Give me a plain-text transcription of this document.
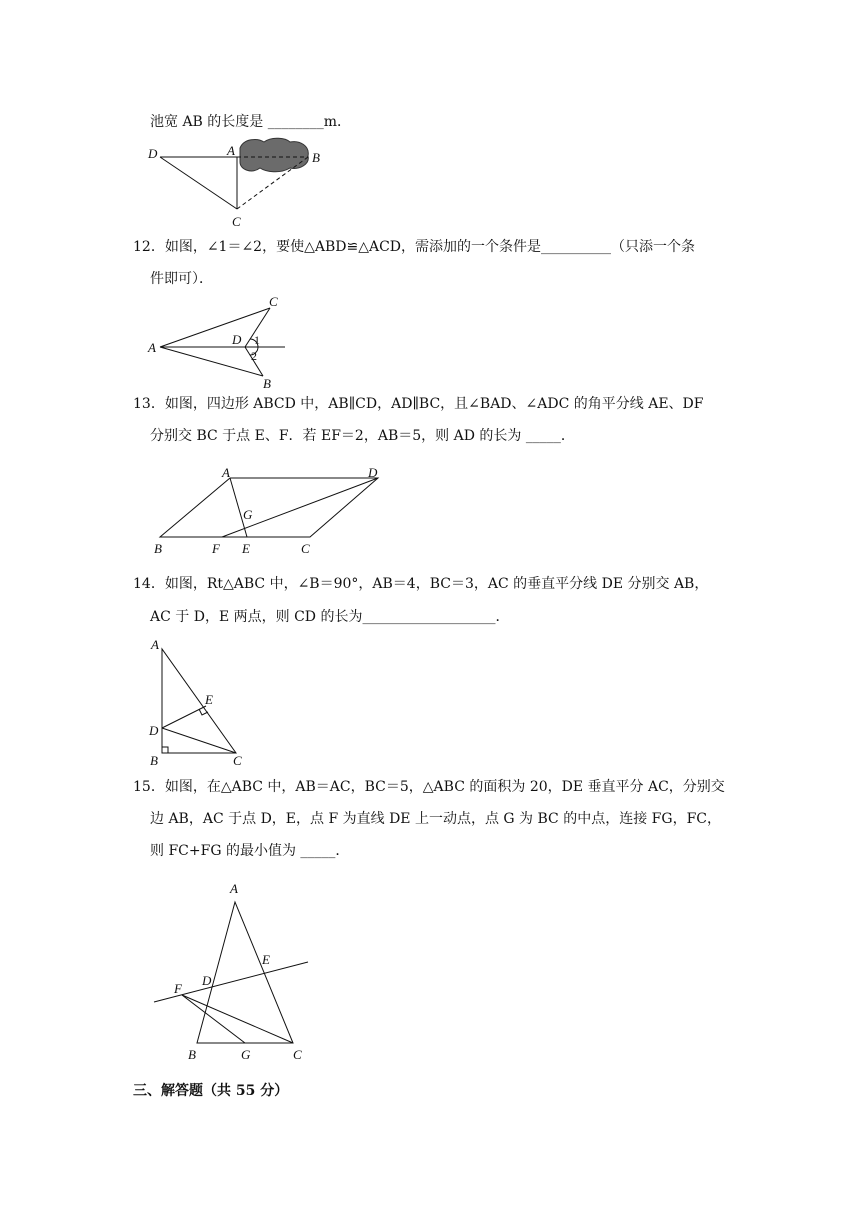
池宽 AB 的长度是 ________m．
D	A	B
C
12．如图，∠1＝∠2，要使△ABD≌△ACD，需添加的一个条件是__________（只添一个条
件即可）．
A
C
D 1
2
B
13．如图，四边形 ABCD 中，AB∥CD，AD∥BC，且∠BAD、∠ADC 的角平分线 AE、DF
分别交 BC 于点 E、F．若 EF＝2，AB＝5，则 AD 的长为 _____．
A	D
G
B	F E	C
14．如图，Rt△ABC 中，∠B＝90°，AB＝4，BC＝3，AC 的垂直平分线 DE 分别交 AB，
AC 于 D，E 两点，则 CD 的长为___________________．
A
E
D
B	C
15．如图，在△ABC 中，AB＝AC，BC＝5，△ABC 的面积为 20，DE 垂直平分 AC，分别交
边 AB，AC 于点 D，E，点 F 为直线 DE 上一动点，点 G 为 BC 的中点，连接 FG，FC，
则 FC+FG 的最小值为 _____．
A
E
D
F
B	G	C
三、解答题（共 55 分）
